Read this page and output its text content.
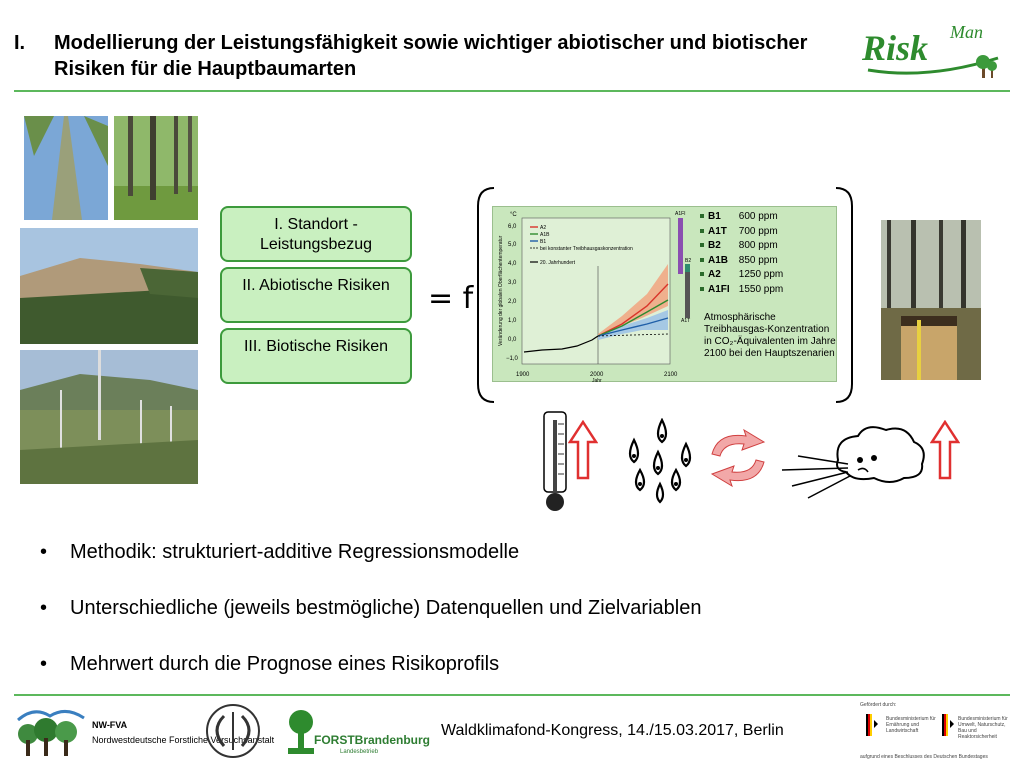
I. Modellierung der Leistungsfähigkeit sowie wichtiger abiotischer und biotischer Risiken für die Hauptbaumarten
Risk Man
I. Standort - Leistungsbezug
II. Abiotische Risiken
III. Biotische Risiken
= f
°C
Veränderung der globalen Oberflächentemperatur
6,0
5,0
4,0
3,0
2,0
1,0
0,0
−1,0
1900	2000	2100
Jahr
A2
A1B
B1
bei konstanter Treibhausgaskonzentration
20. Jahrhundert
A1FI
B2
A1T
B1 600 ppm
A1T 700 ppm
B2 800 ppm
A1B 850 ppm
A2 1250 ppm
A1FI 1550 ppm
Atmosphärische Treibhausgas-Konzentration in CO₂-Äquivalenten im Jahre 2100 bei den Hauptszenarien
• Methodik: strukturiert-additive Regressionsmodelle
• Unterschiedliche (jeweils bestmögliche) Datenquellen und Zielvariablen
• Mehrwert durch die Prognose eines Risikoprofils
NW-FVA
Nordwestdeutsche Forstliche Versuchsanstalt	FORSTBrandenburg
Landesbetrieb
Waldklimafond-Kongress, 14./15.03.2017, Berlin
Gefördert durch:
Bundesministerium für Ernährung und Landwirtschaft
Bundesministerium für Umwelt, Naturschutz, Bau und Reaktorsicherheit
aufgrund eines Beschlusses des Deutschen Bundestages
